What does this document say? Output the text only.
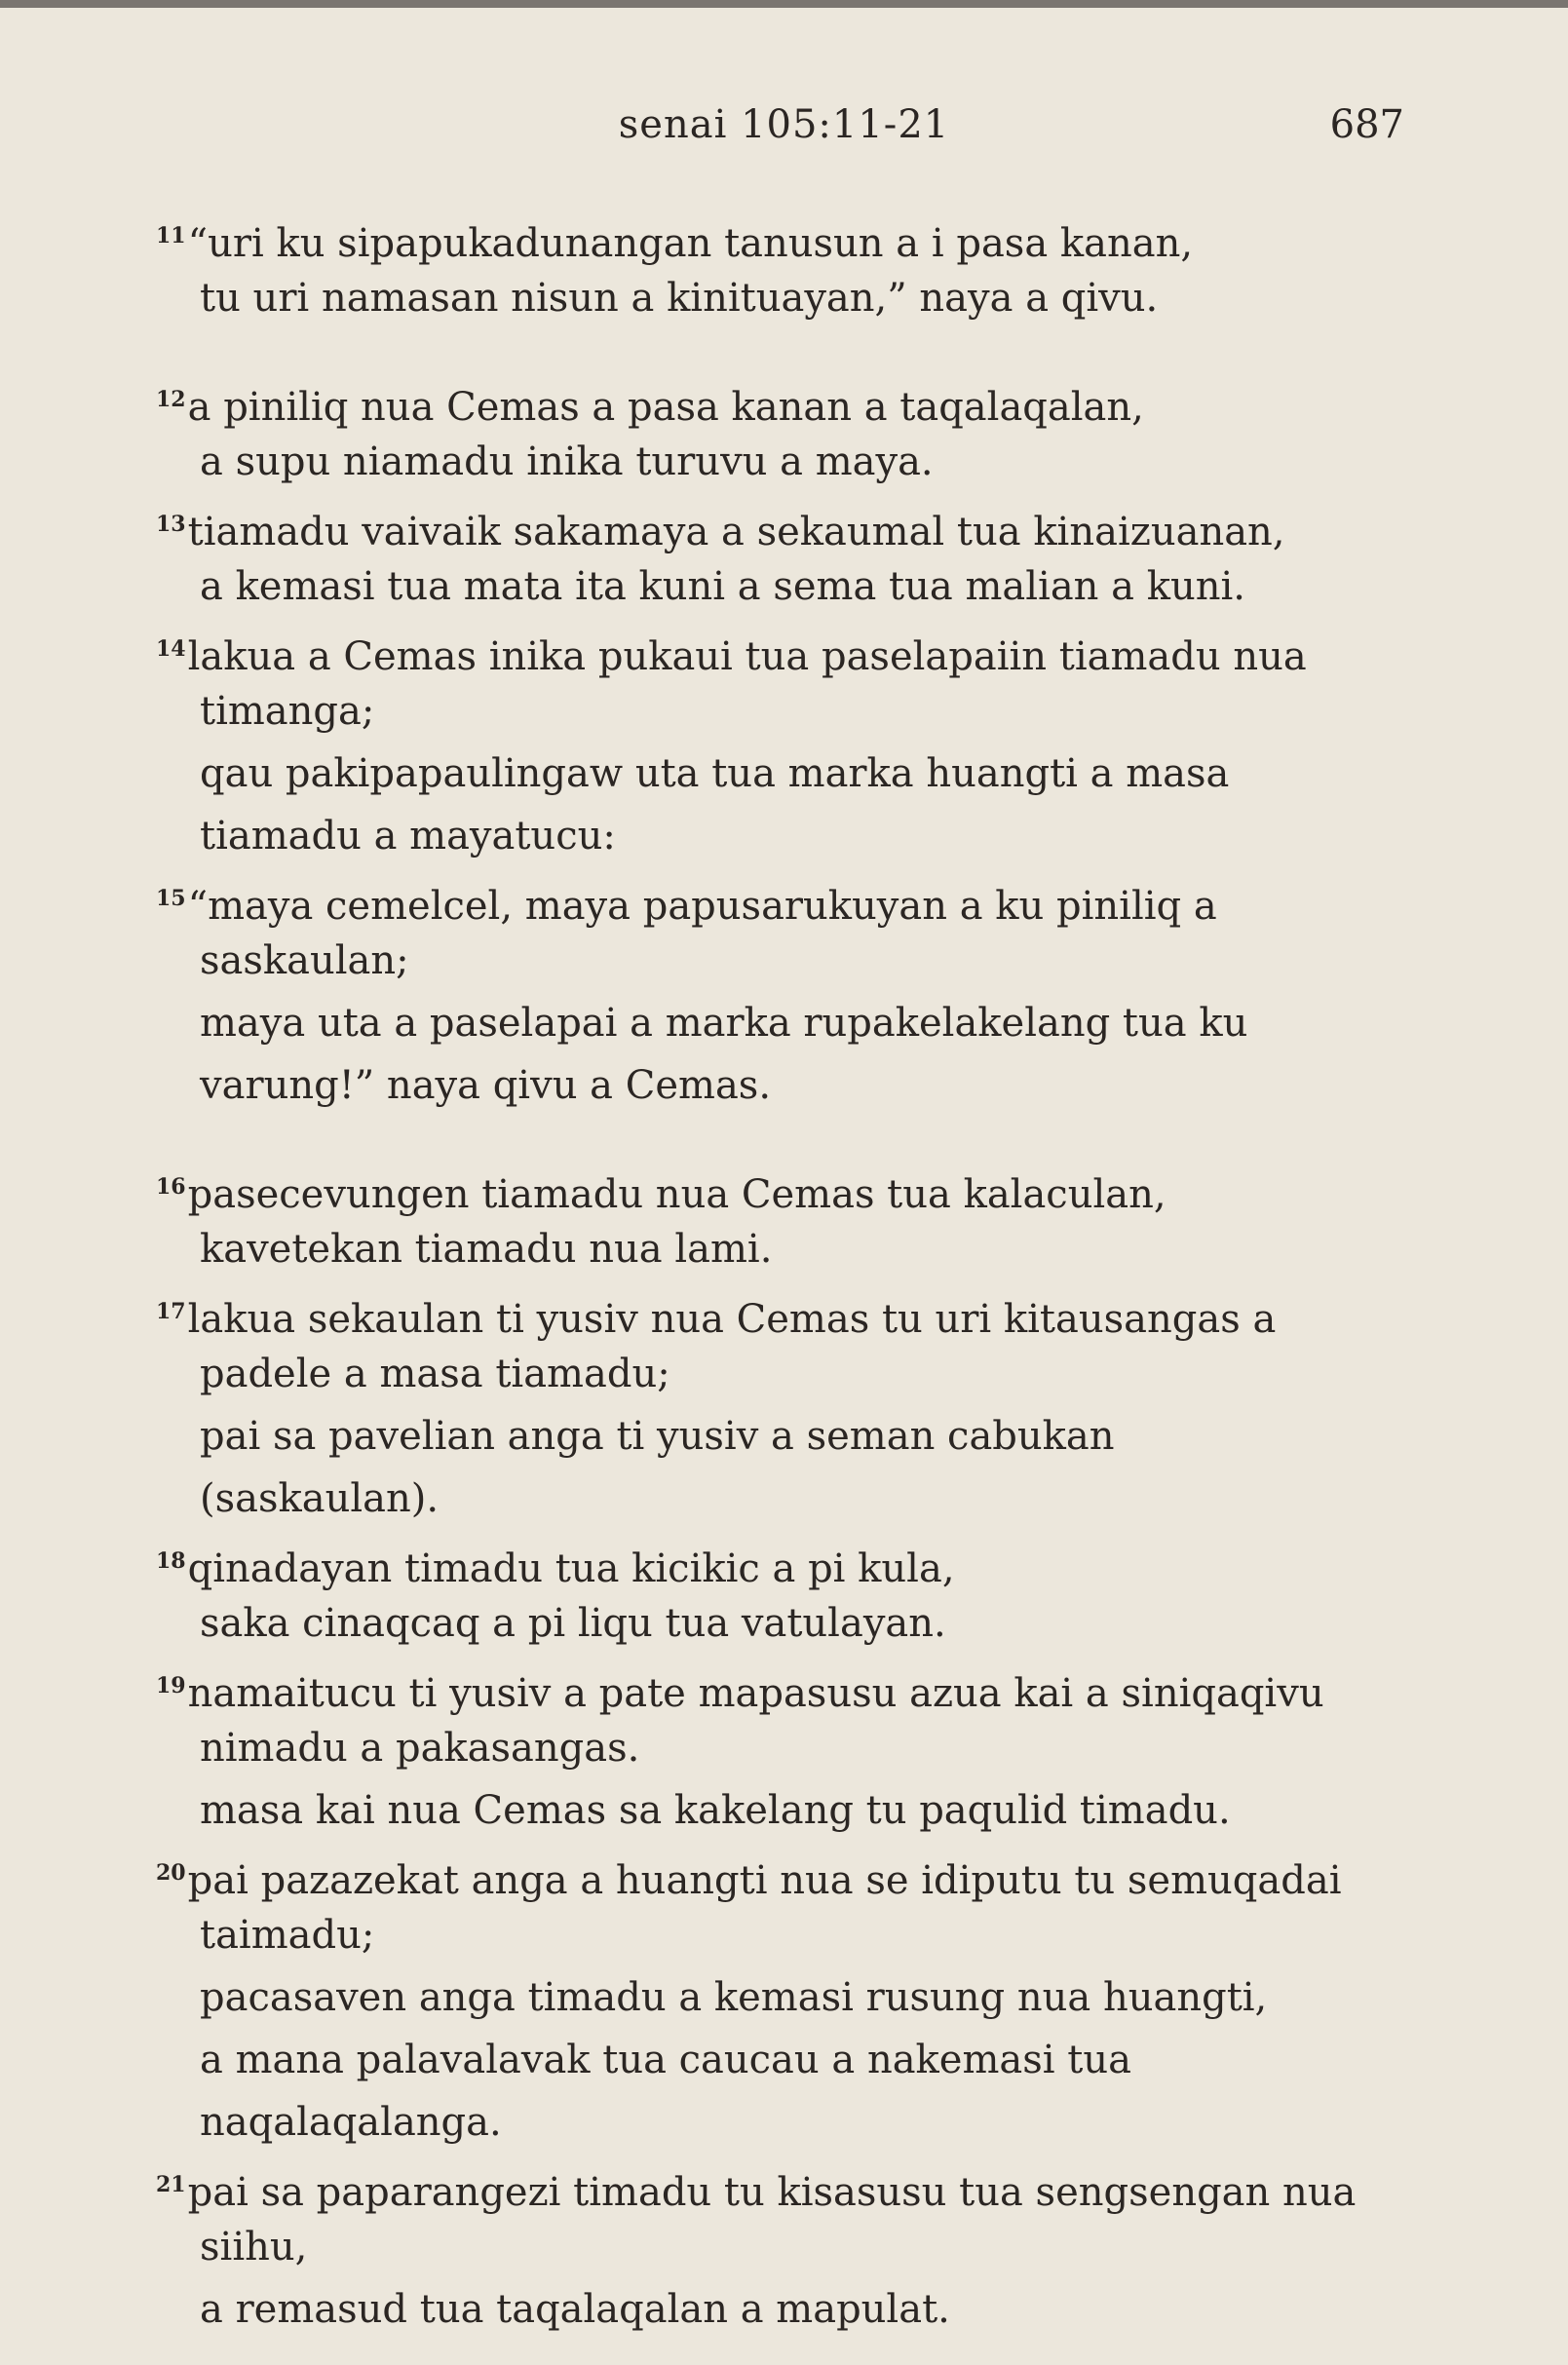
senai 105:11-21	687
$^{11}$“uri ku sipapukadunangan tanusun a i pasa kanan,
tu uri namasan nisun a kinituayan,” naya a qivu.
$^{12}$a piniliq nua Cemas a pasa kanan a taqalaqalan,
a supu niamadu inika turuvu a maya.
$^{13}$tiamadu vaivaik sakamaya a sekaumal tua kinaizuanan,
a kemasi tua mata ita kuni a sema tua malian a kuni.
$^{14}$lakua a Cemas inika pukaui tua paselapaiin tiamadu nua
timanga;
qau pakipapaulingaw uta tua marka huangti a masa
tiamadu a mayatucu:
$^{15}$“maya cemelcel, maya papusarukuyan a ku piniliq a
saskaulan;
maya uta a paselapai a marka rupakelakelang tua ku
varung!” naya qivu a Cemas.
$^{16}$pasecevungen tiamadu nua Cemas tua kalaculan,
kavetekan tiamadu nua lami.
$^{17}$lakua sekaulan ti yusiv nua Cemas tu uri kitausangas a
padele a masa tiamadu;
pai sa pavelian anga ti yusiv a seman cabukan
(saskaulan).
$^{18}$qinadayan timadu tua kicikic a pi kula,
saka cinaqcaq a pi liqu tua vatulayan.
$^{19}$namaitucu ti yusiv a pate mapasusu azua kai a siniqaqivu
nimadu a pakasangas.
masa kai nua Cemas sa kakelang tu paqulid timadu.
$^{20}$pai pazazekat anga a huangti nua se idiputu tu semuqadai
taimadu;
pacasaven anga timadu a kemasi rusung nua huangti,
a mana palavalavak tua caucau a nakemasi tua
naqalaqalanga.
$^{21}$pai sa paparangezi timadu tu kisasusu tua sengsengan nua
siihu,
a remasud tua taqalaqalan a mapulat.
